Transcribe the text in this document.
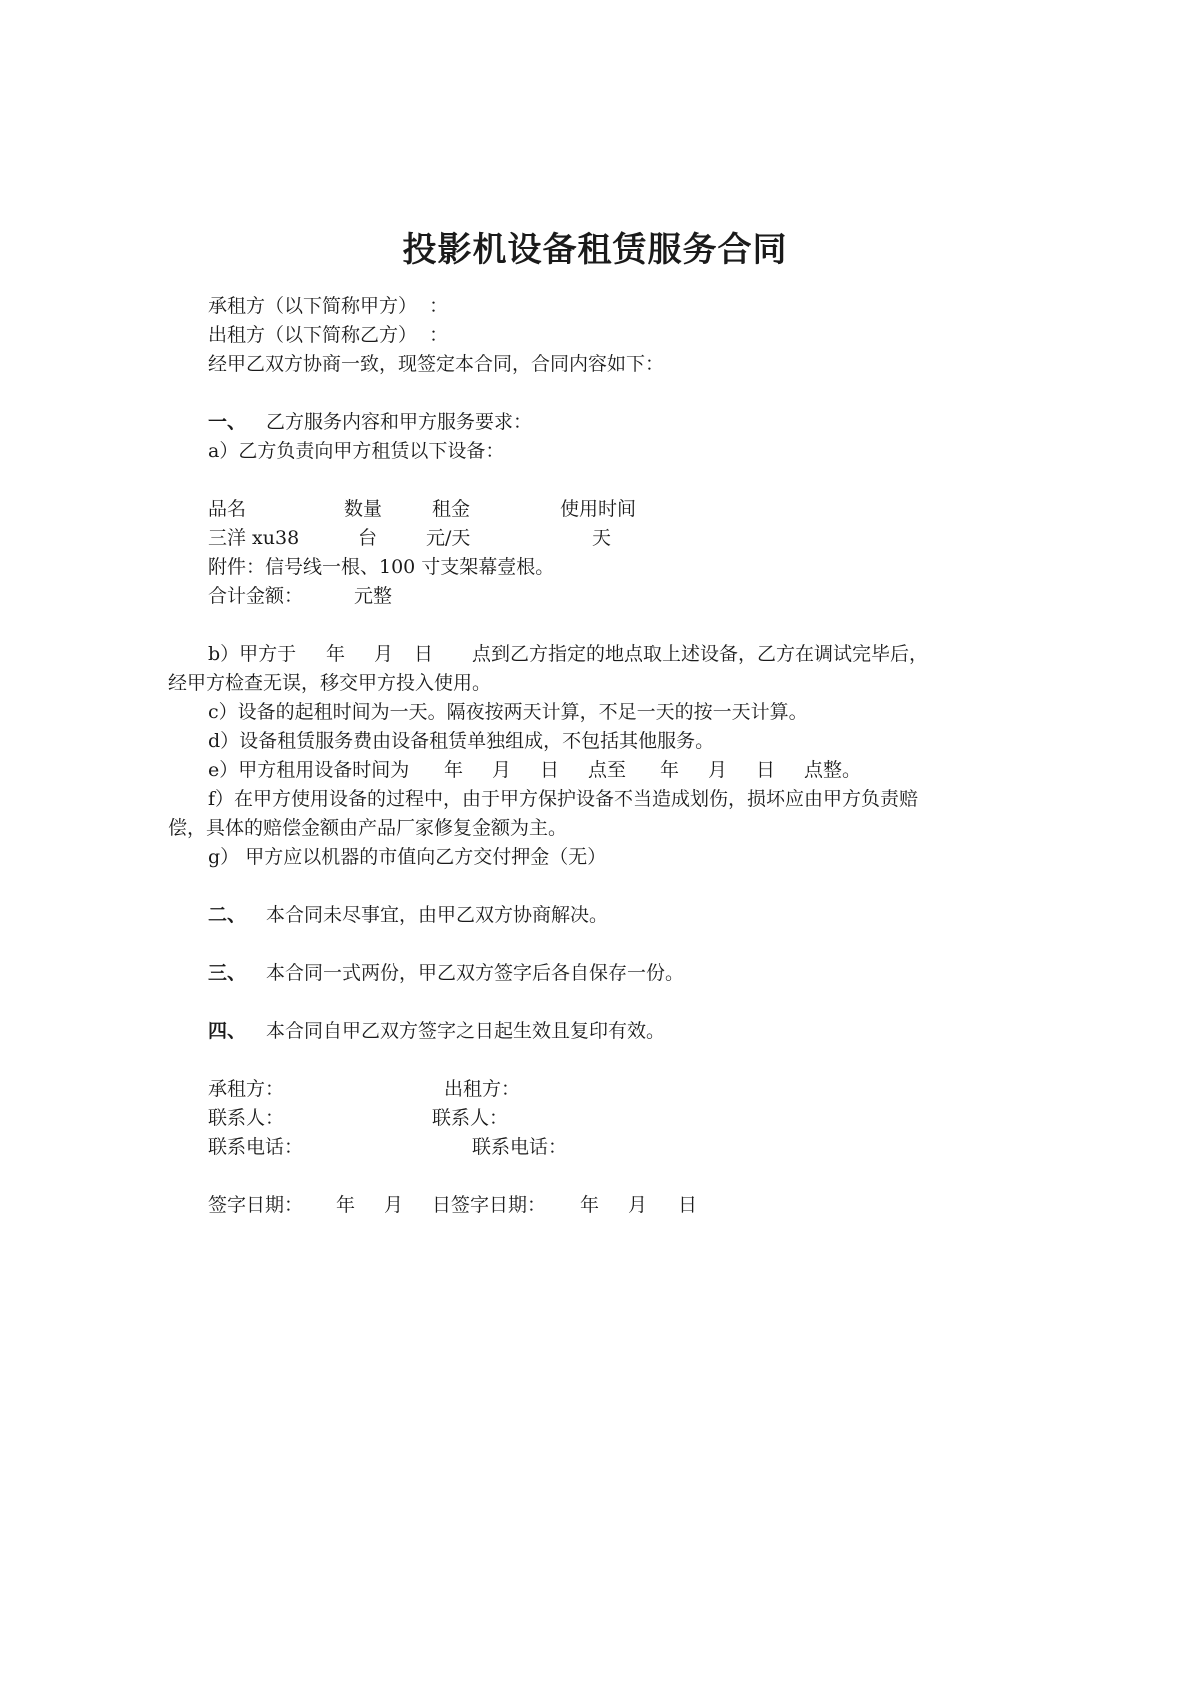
投影机设备租赁服务合同
承租方（以下简称甲方）  ：
出租方（以下简称乙方）  ：
经甲乙双方协商一致，现签定本合同，合同内容如下：
一、 乙方服务内容和甲方服务要求：
a）乙方负责向甲方租赁以下设备：
品名	数量	租金	使用时间
三洋 xu38	台	元/天	天
附件：信号线一根、100 寸支架幕壹根。
合计金额：	元整
b）甲方于 年 月 日 点到乙方指定的地点取上述设备，乙方在调试完毕后，
经甲方检查无误，移交甲方投入使用。
c）设备的起租时间为一天。隔夜按两天计算，不足一天的按一天计算。
d）设备租赁服务费由设备租赁单独组成，不包括其他服务。
e）甲方租用设备时间为 年 月 日 点至 年 月 日 点整。
f）在甲方使用设备的过程中，由于甲方保护设备不当造成划伤，损坏应由甲方负责赔
偿，具体的赔偿金额由产品厂家修复金额为主。
g） 甲方应以机器的市值向乙方交付押金（无）
二、 本合同未尽事宜，由甲乙双方协商解决。
三、 本合同一式两份，甲乙双方签字后各自保存一份。
四、 本合同自甲乙双方签字之日起生效且复印有效。
承租方：	出租方：
联系人：	联系人：
联系电话：	联系电话：
签字日期： 年 月 日签字日期： 年 月 日
